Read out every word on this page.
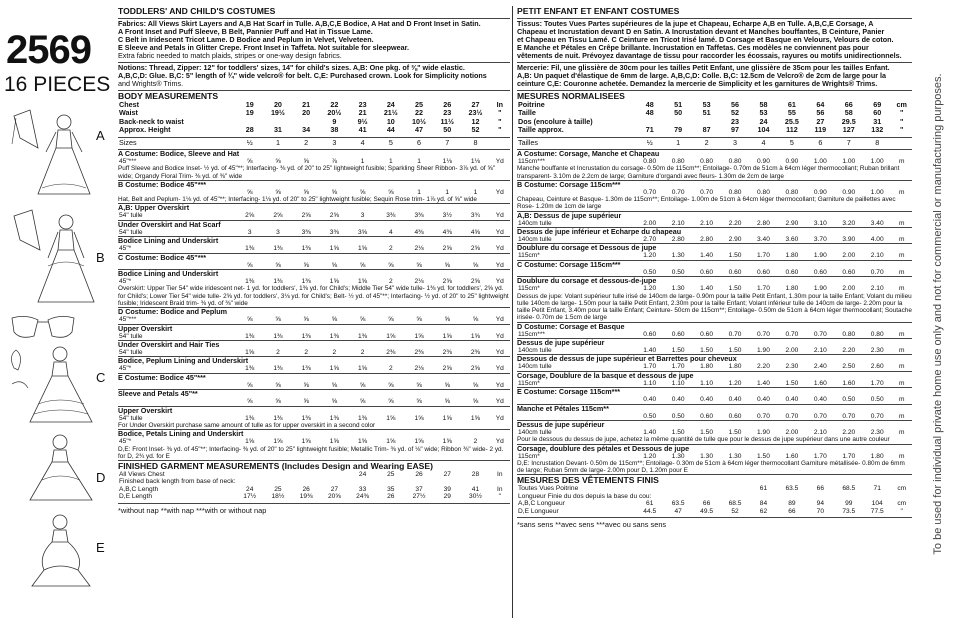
2569
16 PIECES
A
B
C
D
E
TODDLERS' AND CHILD'S COSTUMES
Fabrics: All Views Skirt Layers and A,B Hat Scarf in Tulle. A,B,C,E Bodice, A Hat and D Front Inset in Satin.
A Front Inset and Puff Sleeve, B Belt, Pannier Puff and Hat in Tissue Lame.
C Belt in Iridescent Tricot Lame. D Bodice and Peplum in Velvet, Velveteen.
E Sleeve and Petals in Glitter Crepe. Front Inset in Taffeta. Not suitable for sleepwear.
Extra fabric needed to match plaids, stripes or one-way design fabrics.
Notions: Thread, Zipper: 12" for toddlers' sizes, 14" for child's sizes. A,B: One pkg. of ⅜" wide elastic.
A,B,C,D: Glue. B,C: 5" length of ¾" wide velcro® for belt. C,E: Purchased crown. Look for Simplicity notions
and Wrights® Trims.
BODY MEASUREMENTS
Chest	19	20	21	22	23	24	25	26	27	In
Waist	19	19½	20	20½	21	21½	22	23	23½	"
Back-neck to waist				9	9½	10	10½	11½	12	"
Approx. Height	28	31	34	38	41	44	47	50	52	"
Sizes	½	1	2	3	4	5	6	7	8	
A Costume: Bodice, Sleeve and Hat
45"***	⅝	⅝	⅝	⅞	1	1	1	1⅛	1⅛	Yd
Puff Sleeve and Bodice Inset- ½ yd. of 45"**; Interfacing- ⅜ yd. of 20" to 25" lightweight fusible; Sparkling Sheer Ribbon- 3⅞ yd. of ⅝" wide; Organdy Floral Trim- ⅜ yd. of ⅜" wide
B Costume: Bodice 45"***
	⅝	⅝	⅝	⅝	⅝	⅝	1	1	1	Yd
Hat, Belt and Peplum- 1⅛ yd. of 45"**; Interfacing- 1⅛ yd. of 20" to 25" lightweight fusible; Sequin Rose trim- 1⅞ yd. of ⅝" wide
A,B: Upper Overskirt
54" tulle	2⅝	2⅝	2⅝	2⅝	3	3⅜	3⅜	3½	3¾	Yd
Under Overskirt and Hat Scarf
54" tulle	3	3	3⅜	3⅜	3⅝	4	4⅜	4⅜	4⅝	Yd
Bodice Lining and Underskirt
45"*	1⅜	1⅜	1⅜	1⅝	1⅝	2	2⅛	2⅝	2⅝	Yd
C Costume: Bodice 45"***
	⅝	⅝	⅝	⅝	⅝	⅝	⅝	⅝	⅝	Yd
Bodice Lining and Underskirt
45"*	1⅜	1⅜	1⅜	1⅝	1⅝	2	2⅛	2⅝	2⅝	Yd
Overskirt: Upper Tier 54" wide iridescent net- 1 yd. for toddlers', 1⅜ yd. for Child's; Middle Tier 54" wide tulle- 1⅜ yd. for toddlers', 2⅝ yd. for Child's; Lower Tier 54" wide tulle- 2⅝ yd. for toddlers', 3⅛ yd. for Child's; Belt- ½ yd. of 45"**; Interfacing- ½ yd. of 20" to 25" lightweight fusible; Iridescent Braid trim- ⅜ yd. of ⅜" wide
D Costume: Bodice and Peplum
45"***	⅝	⅝	⅝	⅝	⅝	⅝	⅝	⅝	⅝	Yd
Upper Overskirt
54" tulle	1⅜	1⅜	1⅜	1⅜	1⅜	1⅝	1⅝	1⅝	1⅝	Yd
Under Overskirt and Hair Ties
54" tulle	1⅝	2	2	2	2	2⅜	2⅜	2⅜	2⅜	Yd
Bodice, Peplum Lining and Underskirt
45"*	1⅜	1⅜	1⅜	1⅝	1⅝	2	2⅛	2⅝	2⅝	Yd
E Costume: Bodice 45"***
	⅝	⅝	⅝	⅝	⅝	⅝	⅝	⅝	⅝	Yd
Sleeve and Petals 45"**
	⅝	⅝	⅝	⅝	⅝	⅝	⅝	⅝	⅝	Yd
Upper Overskirt
54" tulle	1⅜	1⅜	1⅜	1⅜	1⅜	1⅝	1⅝	1⅝	1⅝	Yd
For Under Overskirt purchase same amount of tulle as for upper overskirt in a second color
Bodice, Petals Lining and Underskirt
45"*	1⅝	1⅝	1⅝	1⅝	1⅝	1⅝	1⅝	1⅝	2	Yd
D,E: Front Inset- ⅜ yd. of 45"**; Interfacing- ⅜ yd. of 20" to 25" lightweight fusible; Metallic Trim- ⅜ yd. of ⅛" wide; Ribbon ⅜" wide- 2 yd. for D, 2¾ yd. for E
FINISHED GARMENT MEASUREMENTS (Includes Design and Wearing EASE)
All Views Chest					24	25	26	27	28	In
Finished back length from base of neck:										
A,B,C Length	24	25	26	27	33	35	37	39	41	In
D,E Length	17½	18½	19⅜	20⅝	24⅜	26	27½	29	30½	"
*without nap **with nap ***with or without nap
PETIT ENFANT ET ENFANT COSTUMES
Tissus: Toutes Vues Partes supérieures de la jupe et Chapeau, Echarpe A,B en Tulle. A,B,C,E Corsage, A
Chapeau et Incrustation devant D en Satin. A Incrustation devant et Manches bouffantes, B Ceinture, Panier
et Chapeau en Tissu Lamé. C Ceinture en Tricot Irisé lamé. D Corsage et Basque en Velours, Velours de coton.
E Manche et Pétales en Crêpe brillante. Incrustation en Taffetas. Ces modèles ne conviennent pas pour
vêtements de nuit. Prévoyez davantage de tissu pour raccorder les écossais, rayures ou motifs unidirectionnels.
Mercerie: Fil, une glissière de 30cm pour les tailles Petit Enfant, une glissière de 35cm pour les tailles Enfant.
A,B: Un paquet d'élastique de 6mm de large. A,B,C,D: Colle. B,C: 12.5cm de Velcro® de 2cm de large pour la
ceinture C,E: Couronne achetée. Demandez la mercerie de Simplicity et les garnitures de Wrights® Trims.
MESURES NORMALISEES
Poitrine	48	51	53	56	58	61	64	66	69	cm
Taille	48	50	51	52	53	55	56	58	60	"
Dos (encolure à taille)				23	24	25.5	27	29.5	31	"
Taille approx.	71	79	87	97	104	112	119	127	132	"
Tailles	½	1	2	3	4	5	6	7	8	
A Costume: Corsage, Manche et Chapeau
115cm***	0.80	0.80	0.80	0.80	0.90	0.90	1.00	1.00	1.00	m
Manche bouffante et Incrustation du corsage- 0.50m de 115cm**; Entoilage- 0.70m de 51cm à 64cm léger thermocollant; Ruban brillant transparent- 3.10m de 2.2cm de large; Garniture d'organdi avec fleurs- 1.30m de 2cm de large
B Costume: Corsage 115cm***
	0.70	0.70	0.70	0.80	0.80	0.80	0.90	0.90	1.00	m
Chapeau, Ceinture et Basque- 1.30m de 115cm**; Entoilage- 1.00m de 51cm à 64cm léger thermocollant; Garniture de paillettes avec Rose- 1.20m de 1cm de large
A,B: Dessus de jupe supérieur
140cm tulle	2.00	2.10	2.10	2.20	2.80	2.90	3.10	3.20	3.40	m
Dessus de jupe inférieur et Echarpe du chapeau
140cm tulle	2.70	2.80	2.80	2.90	3.40	3.60	3.70	3.90	4.00	m
Doublure du corsage et Dessous de jupe
115cm*	1.20	1.30	1.40	1.50	1.70	1.80	1.90	2.00	2.10	m
C Costume: Corsage 115cm***
	0.50	0.50	0.60	0.60	0.60	0.60	0.60	0.60	0.70	m
Doublure du corsage et dessous-de-jupe
115cm*	1.20	1.30	1.40	1.50	1.70	1.80	1.90	2.00	2.10	m
Dessus de jupe: Volant supérieur tulle irisé de 140cm de large- 0.90m pour la taille Petit Enfant, 1.30m pour la taille Enfant; Volant du milieu tulle 140cm de large- 1.50m pour la taille Petit Enfant, 2.30m pour la taille Enfant; Volant inférieur tulle de 140cm de large- 2.20m pour la taille Petit Enfant, 3.40m pour la taille Enfant; Ceinture- 50cm de 115cm**; Entoilage- 0.50m de 51cm à 64cm léger thermocollant; Soutache irisée- 0.70m de 1.5cm de large
D Costume: Corsage et Basque
115cm***	0.60	0.60	0.60	0.70	0.70	0.70	0.70	0.80	0.80	m
Dessus de jupe supérieur
140cm tulle	1.40	1.50	1.50	1.50	1.90	2.00	2.10	2.20	2.30	m
Dessous de dessus de jupe supérieur et Barrettes pour cheveux
140cm tulle	1.70	1.70	1.80	1.80	2.20	2.30	2.40	2.50	2.60	m
Corsage, Doublure de la basque et dessous de jupe
115cm*	1.10	1.10	1.10	1.20	1.40	1.50	1.60	1.60	1.70	m
E Costume: Corsage 115cm***
	0.40	0.40	0.40	0.40	0.40	0.40	0.40	0.50	0.50	m
Manche et Pétales 115cm**
	0.50	0.50	0.60	0.60	0.70	0.70	0.70	0.70	0.70	m
Dessus de jupe supérieur
140cm tulle	1.40	1.50	1.50	1.50	1.90	2.00	2.10	2.20	2.30	m
Pour le dessous du dessus de jupe, achetez la même quantité de tulle que pour le dessus de jupe supérieur dans une autre couleur
Corsage, doublure des pétales et Dessous de jupe
115cm*	1.20	1.30	1.30	1.30	1.50	1.60	1.70	1.70	1.80	m
D,E: Incrustation Devant- 0.50m de 115cm**; Entoilage- 0.30m de 51cm à 64cm léger thermocollant Garniture métallisée- 0.80m de 6mm de large; Ruban 5mm de large- 2.00m pour D, 1.20m pour E
MESURES DES VÊTEMENTS FINIS
Toutes Vues Poitrine					61	63.5	66	68.5	71	cm
Longueur Finie du dos depuis la base du cou:										
A,B,C Longueur	61	63.5	66	68.5	84	89	94	99	104	cm
D,E Longueur	44.5	47	49.5	52	62	66	70	73.5	77.5	"
*sans sens **avec sens ***avec ou sans sens	To be used for individual private home use only and not for commercial or manufacturing purposes.
